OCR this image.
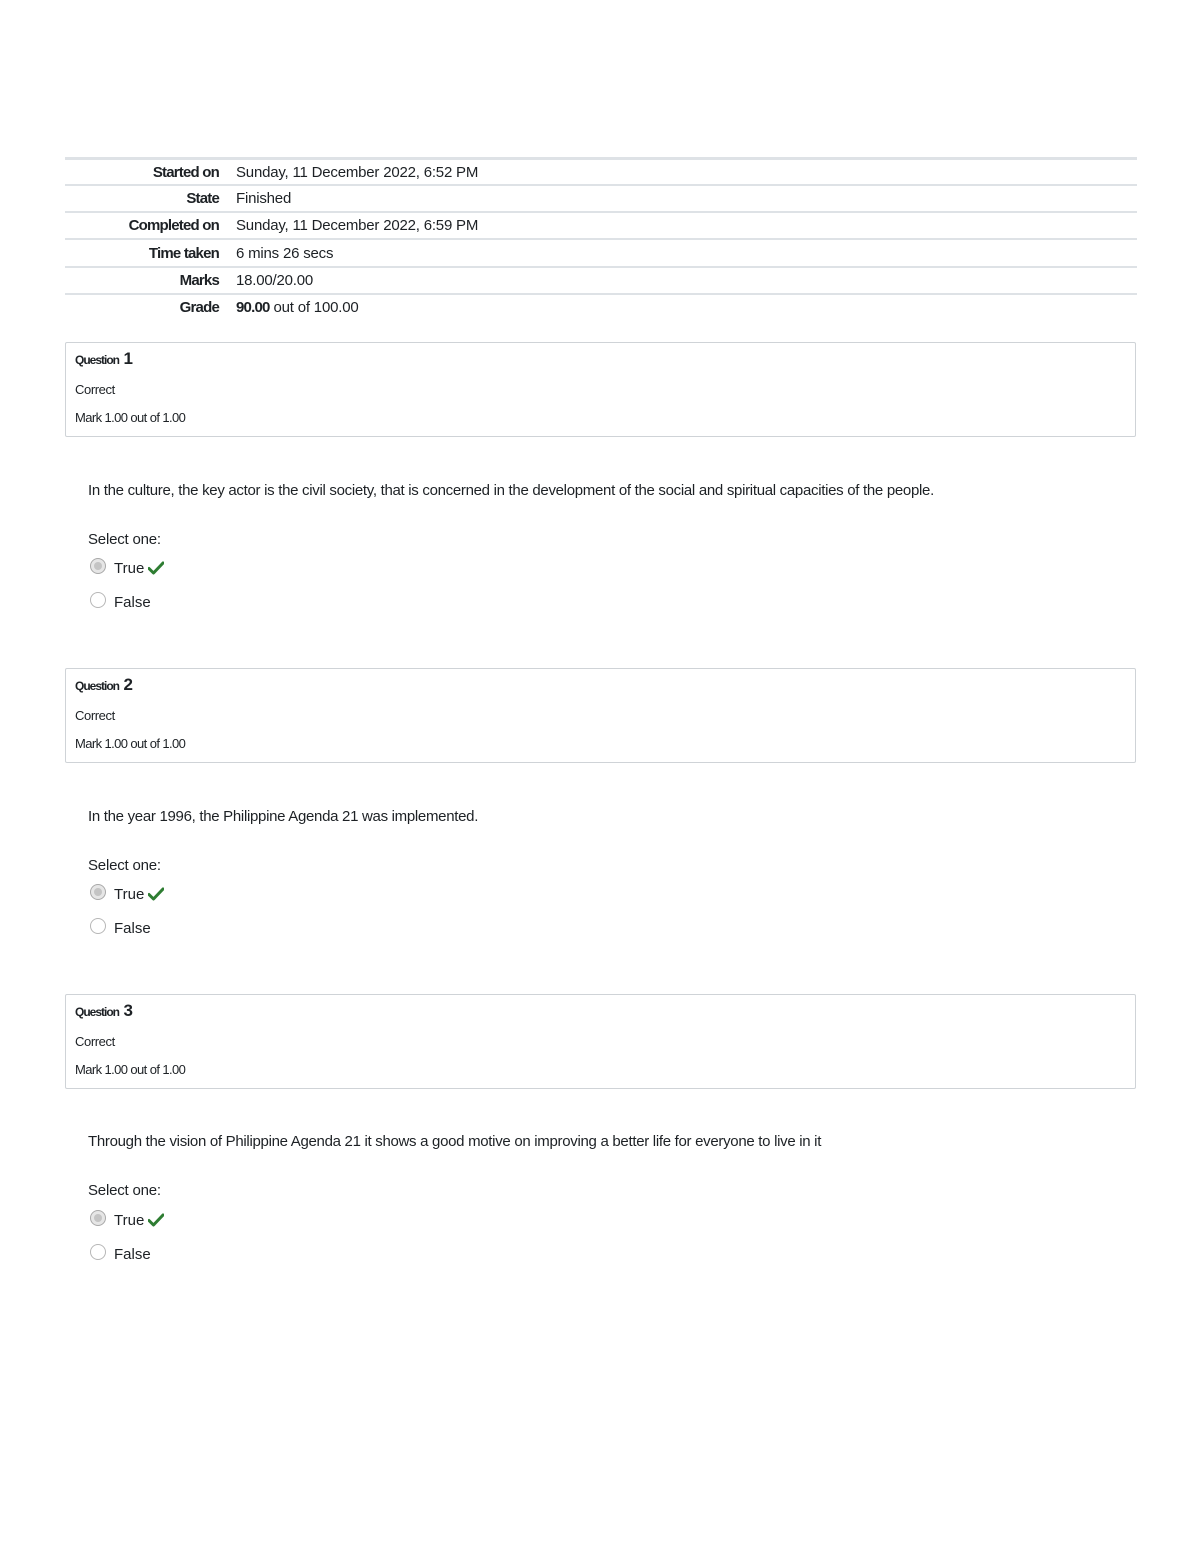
Started on	Sunday, 11 December 2022, 6:52 PM
State	Finished
Completed on	Sunday, 11 December 2022, 6:59 PM
Time taken	6 mins 26 secs
Marks	18.00/20.00
Grade	90.00 out of 100.00
Question 1
Correct
Mark 1.00 out of 1.00
In the culture, the key actor is the civil society, that is concerned in the development of the social and spiritual capacities of the people.
Select one:
True
False
Question 2
Correct
Mark 1.00 out of 1.00
In the year 1996, the Philippine Agenda 21 was implemented.
Select one:
True
False
Question 3
Correct
Mark 1.00 out of 1.00
Through the vision of Philippine Agenda 21 it shows a good motive on improving a better life for everyone to live in it
Select one:
True
False
